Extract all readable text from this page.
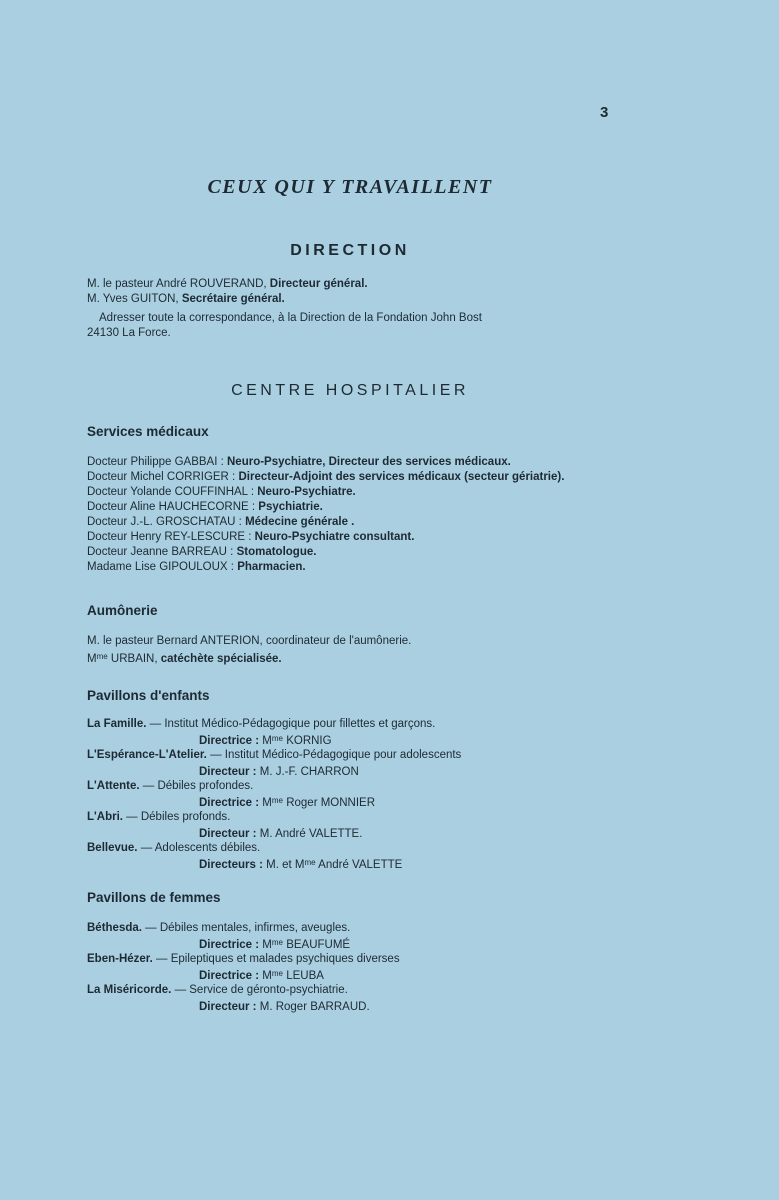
3
CEUX QUI Y TRAVAILLENT
DIRECTION
M. le pasteur André ROUVERAND, Directeur général.
M. Yves GUITON, Secrétaire général.
Adresser toute la correspondance, à la Direction de la Fondation John Bost
24130 La Force.
CENTRE HOSPITALIER
Services médicaux
Docteur Philippe GABBAI : Neuro-Psychiatre, Directeur des services médicaux.
Docteur Michel CORRIGER : Directeur-Adjoint des services médicaux (secteur gériatrie).
Docteur Yolande COUFFINHAL : Neuro-Psychiatre.
Docteur Aline HAUCHECORNE : Psychiatrie.
Docteur J.-L. GROSCHATAU : Médecine générale .
Docteur Henry REY-LESCURE : Neuro-Psychiatre consultant.
Docteur Jeanne BARREAU : Stomatologue.
Madame Lise GIPOULOUX : Pharmacien.
Aumônerie
M. le pasteur Bernard ANTERION, coordinateur de l'aumônerie.
$M^{me}$ URBAIN, catéchète spécialisée.
Pavillons d'enfants
La Famille. — Institut Médico-Pédagogique pour fillettes et garçons.
Directrice : $M^{me}$ KORNIG
L'Espérance-L'Atelier. — Institut Médico-Pédagogique pour adolescents
Directeur : M. J.-F. CHARRON
L'Attente. — Débiles profondes.
Directrice : $M^{me}$ Roger MONNIER
L'Abri. — Débiles profonds.
Directeur : M. André VALETTE.
Bellevue. — Adolescents débiles.
Directeurs : M. et $M^{me}$ André VALETTE
Pavillons de femmes
Béthesda. — Débiles mentales, infirmes, aveugles.
Directrice : $M^{me}$ BEAUFUMÉ
Eben-Hézer. — Epileptiques et malades psychiques diverses
Directrice : $M^{me}$ LEUBA
La Miséricorde. — Service de géronto-psychiatrie.
Directeur : M. Roger BARRAUD.
